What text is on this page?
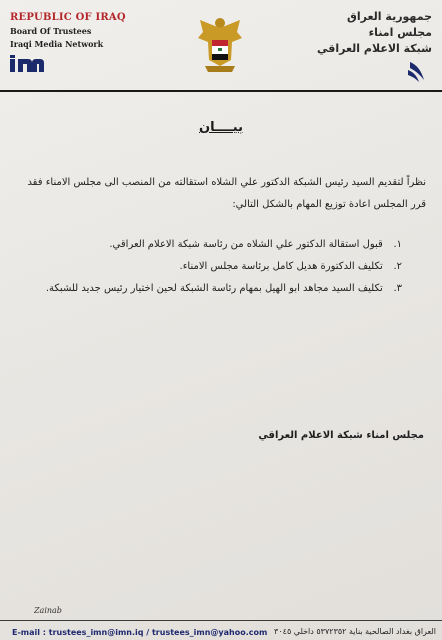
REPUBLIC OF IRAQ
Board Of Trustees
Iraqi Media Network
جمهورية العراق
مجلس امناء
شبكة الاعلام العراقي
بيــــان
نظراً لتقديم السيد رئيس الشبكة الدكتور علي الشلاه استقالته من المنصب الى مجلس الامناء فقد قرر المجلس اعادة توزيع المهام بالشكل التالي:
١. قبول استقالة الدكتور علي الشلاه من رئاسة شبكة الاعلام العراقي.
٢. تكليف الدكتورة هديل كامل برئاسة مجلس الامناء.
٣. تكليف السيد مجاهد ابو الهيل بمهام رئاسة الشبكة لحين اختيار رئيس جديد للشبكة.
مجلس امناء شبكة الاعلام العراقي
Zainab
E-mail : trustees_imn@imn.iq / trustees_imn@yahoo.com العراق بغداد الصالحية بناية ٥٣٧٢٣٥٢ داخلي ٣٠٤٥
